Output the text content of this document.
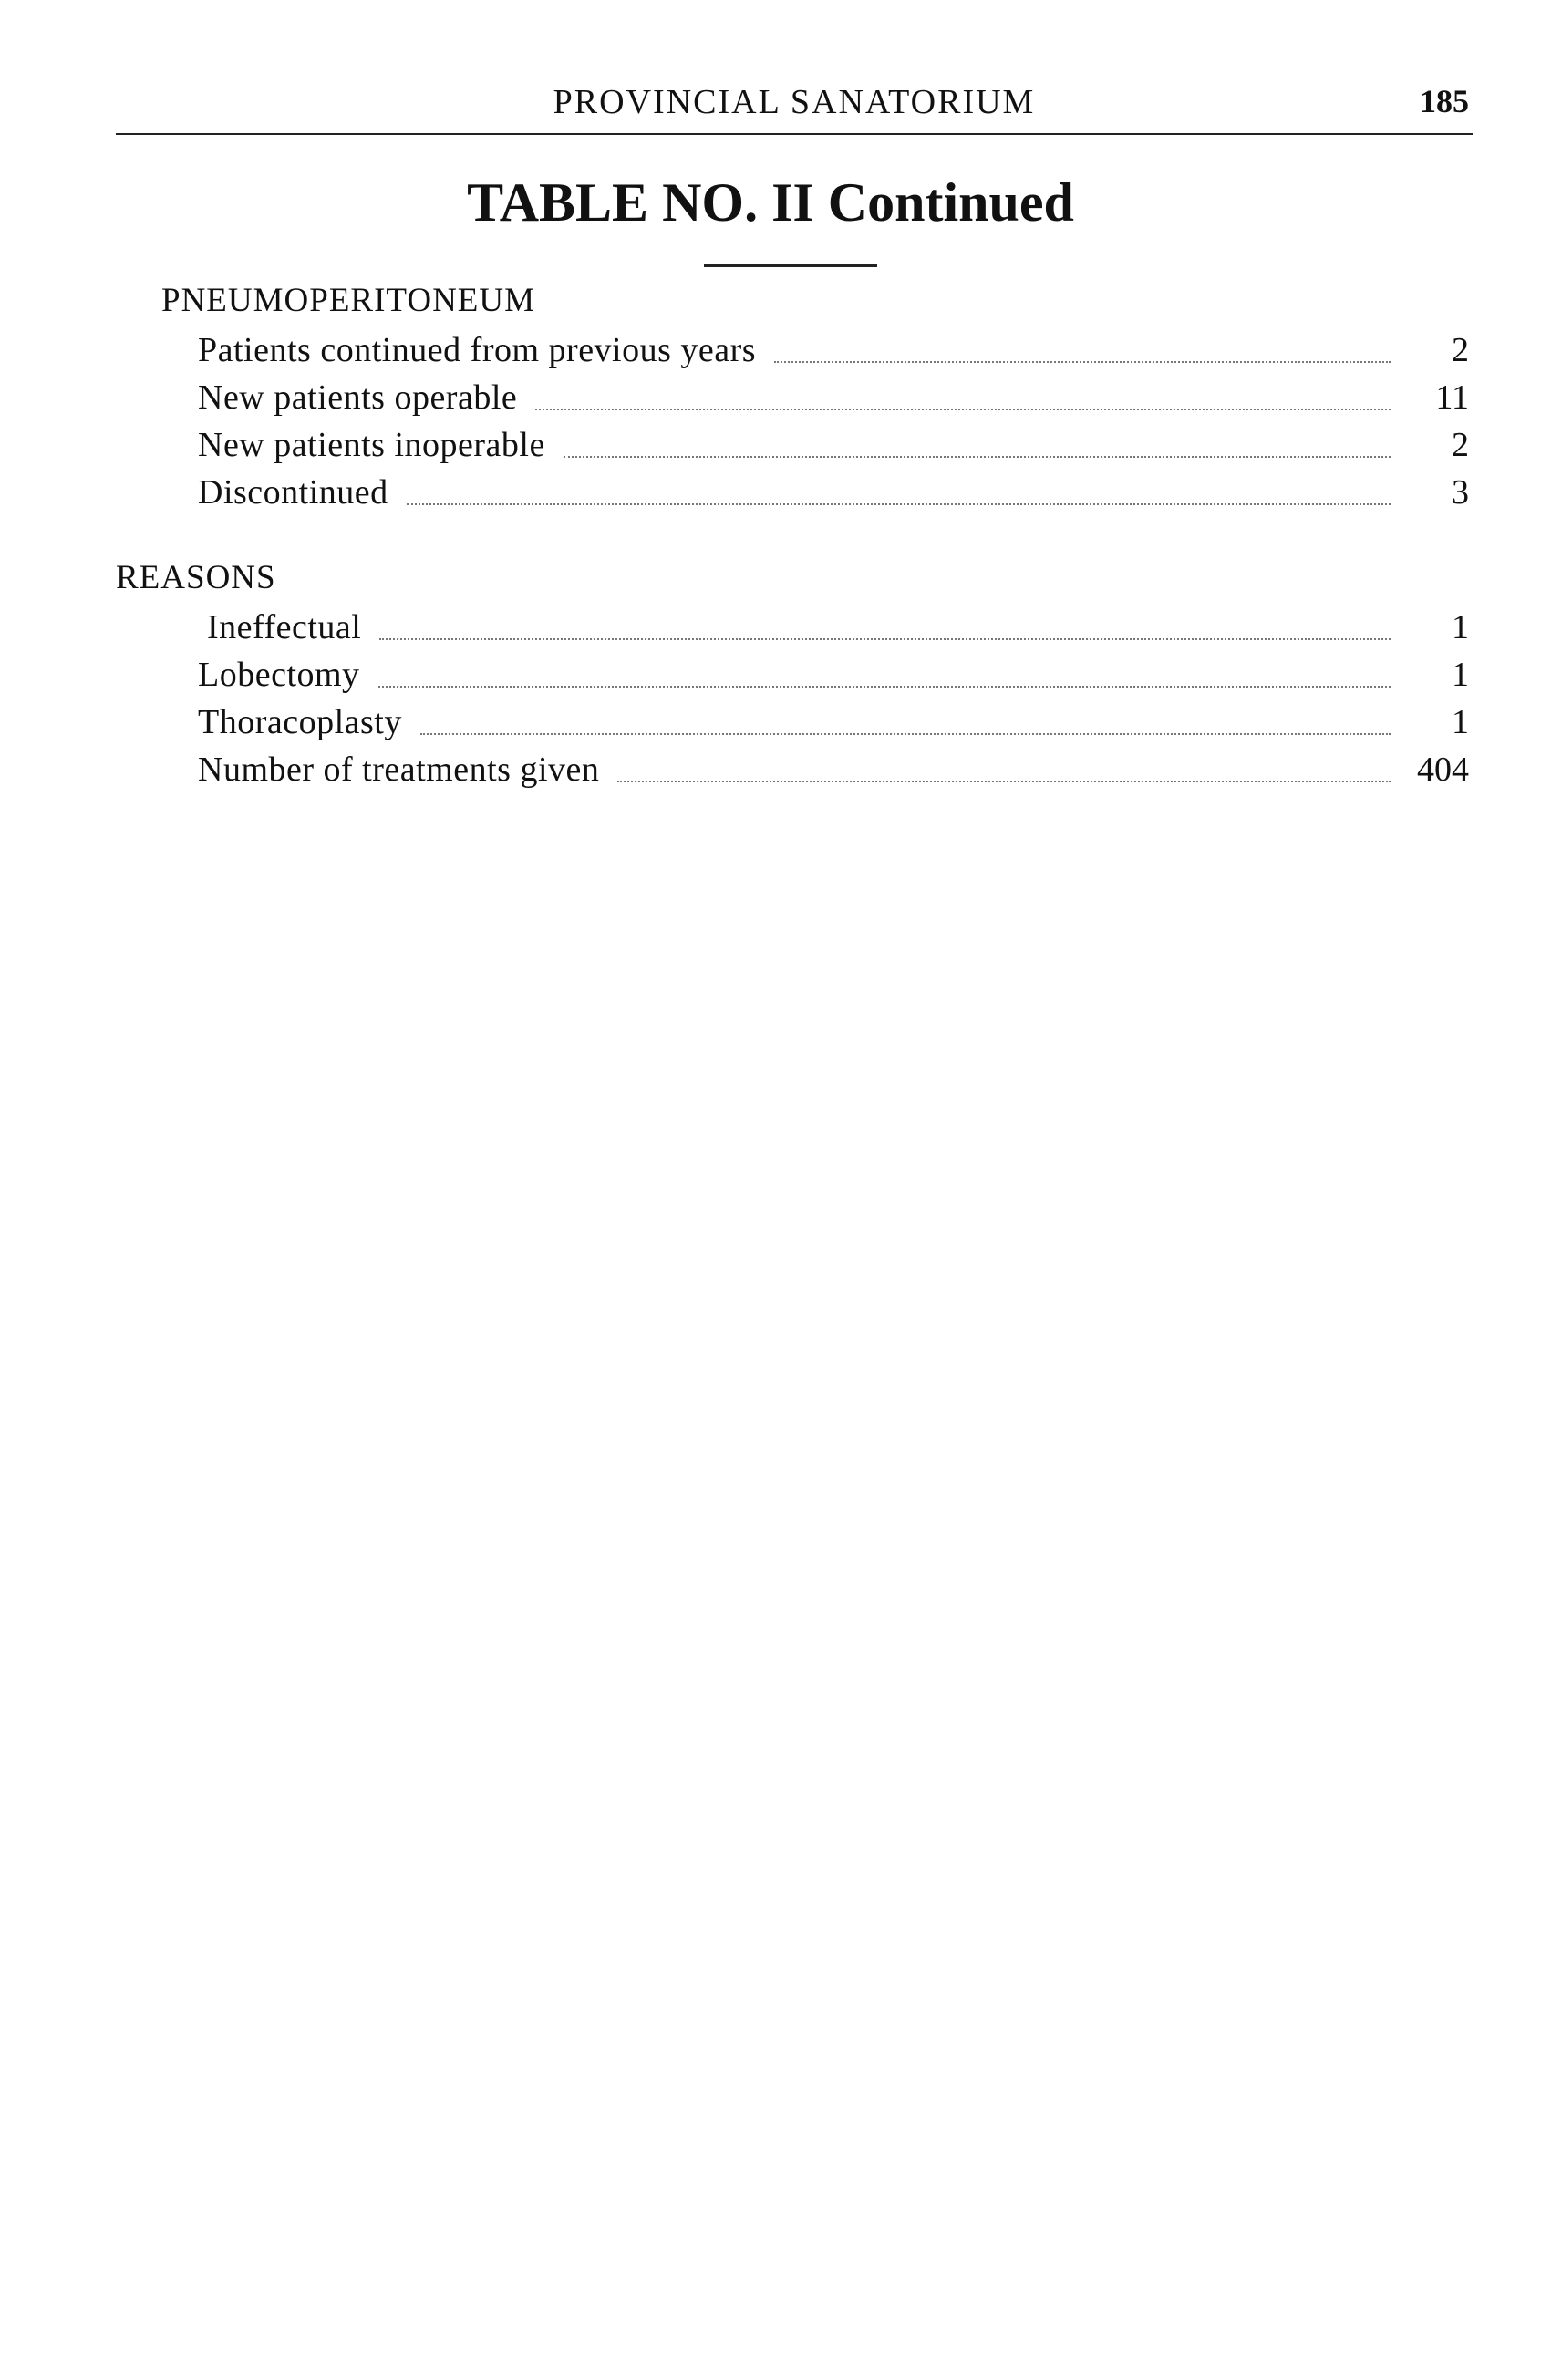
PROVINCIAL SANATORIUM	185
TABLE NO. II Continued
PNEUMOPERITONEUM
Patients continued from previous years	2
New patients operable	11
New patients inoperable	2
Discontinued	3
REASONS
Ineffectual	1
Lobectomy	1
Thoracoplasty	1
Number of treatments given	404
